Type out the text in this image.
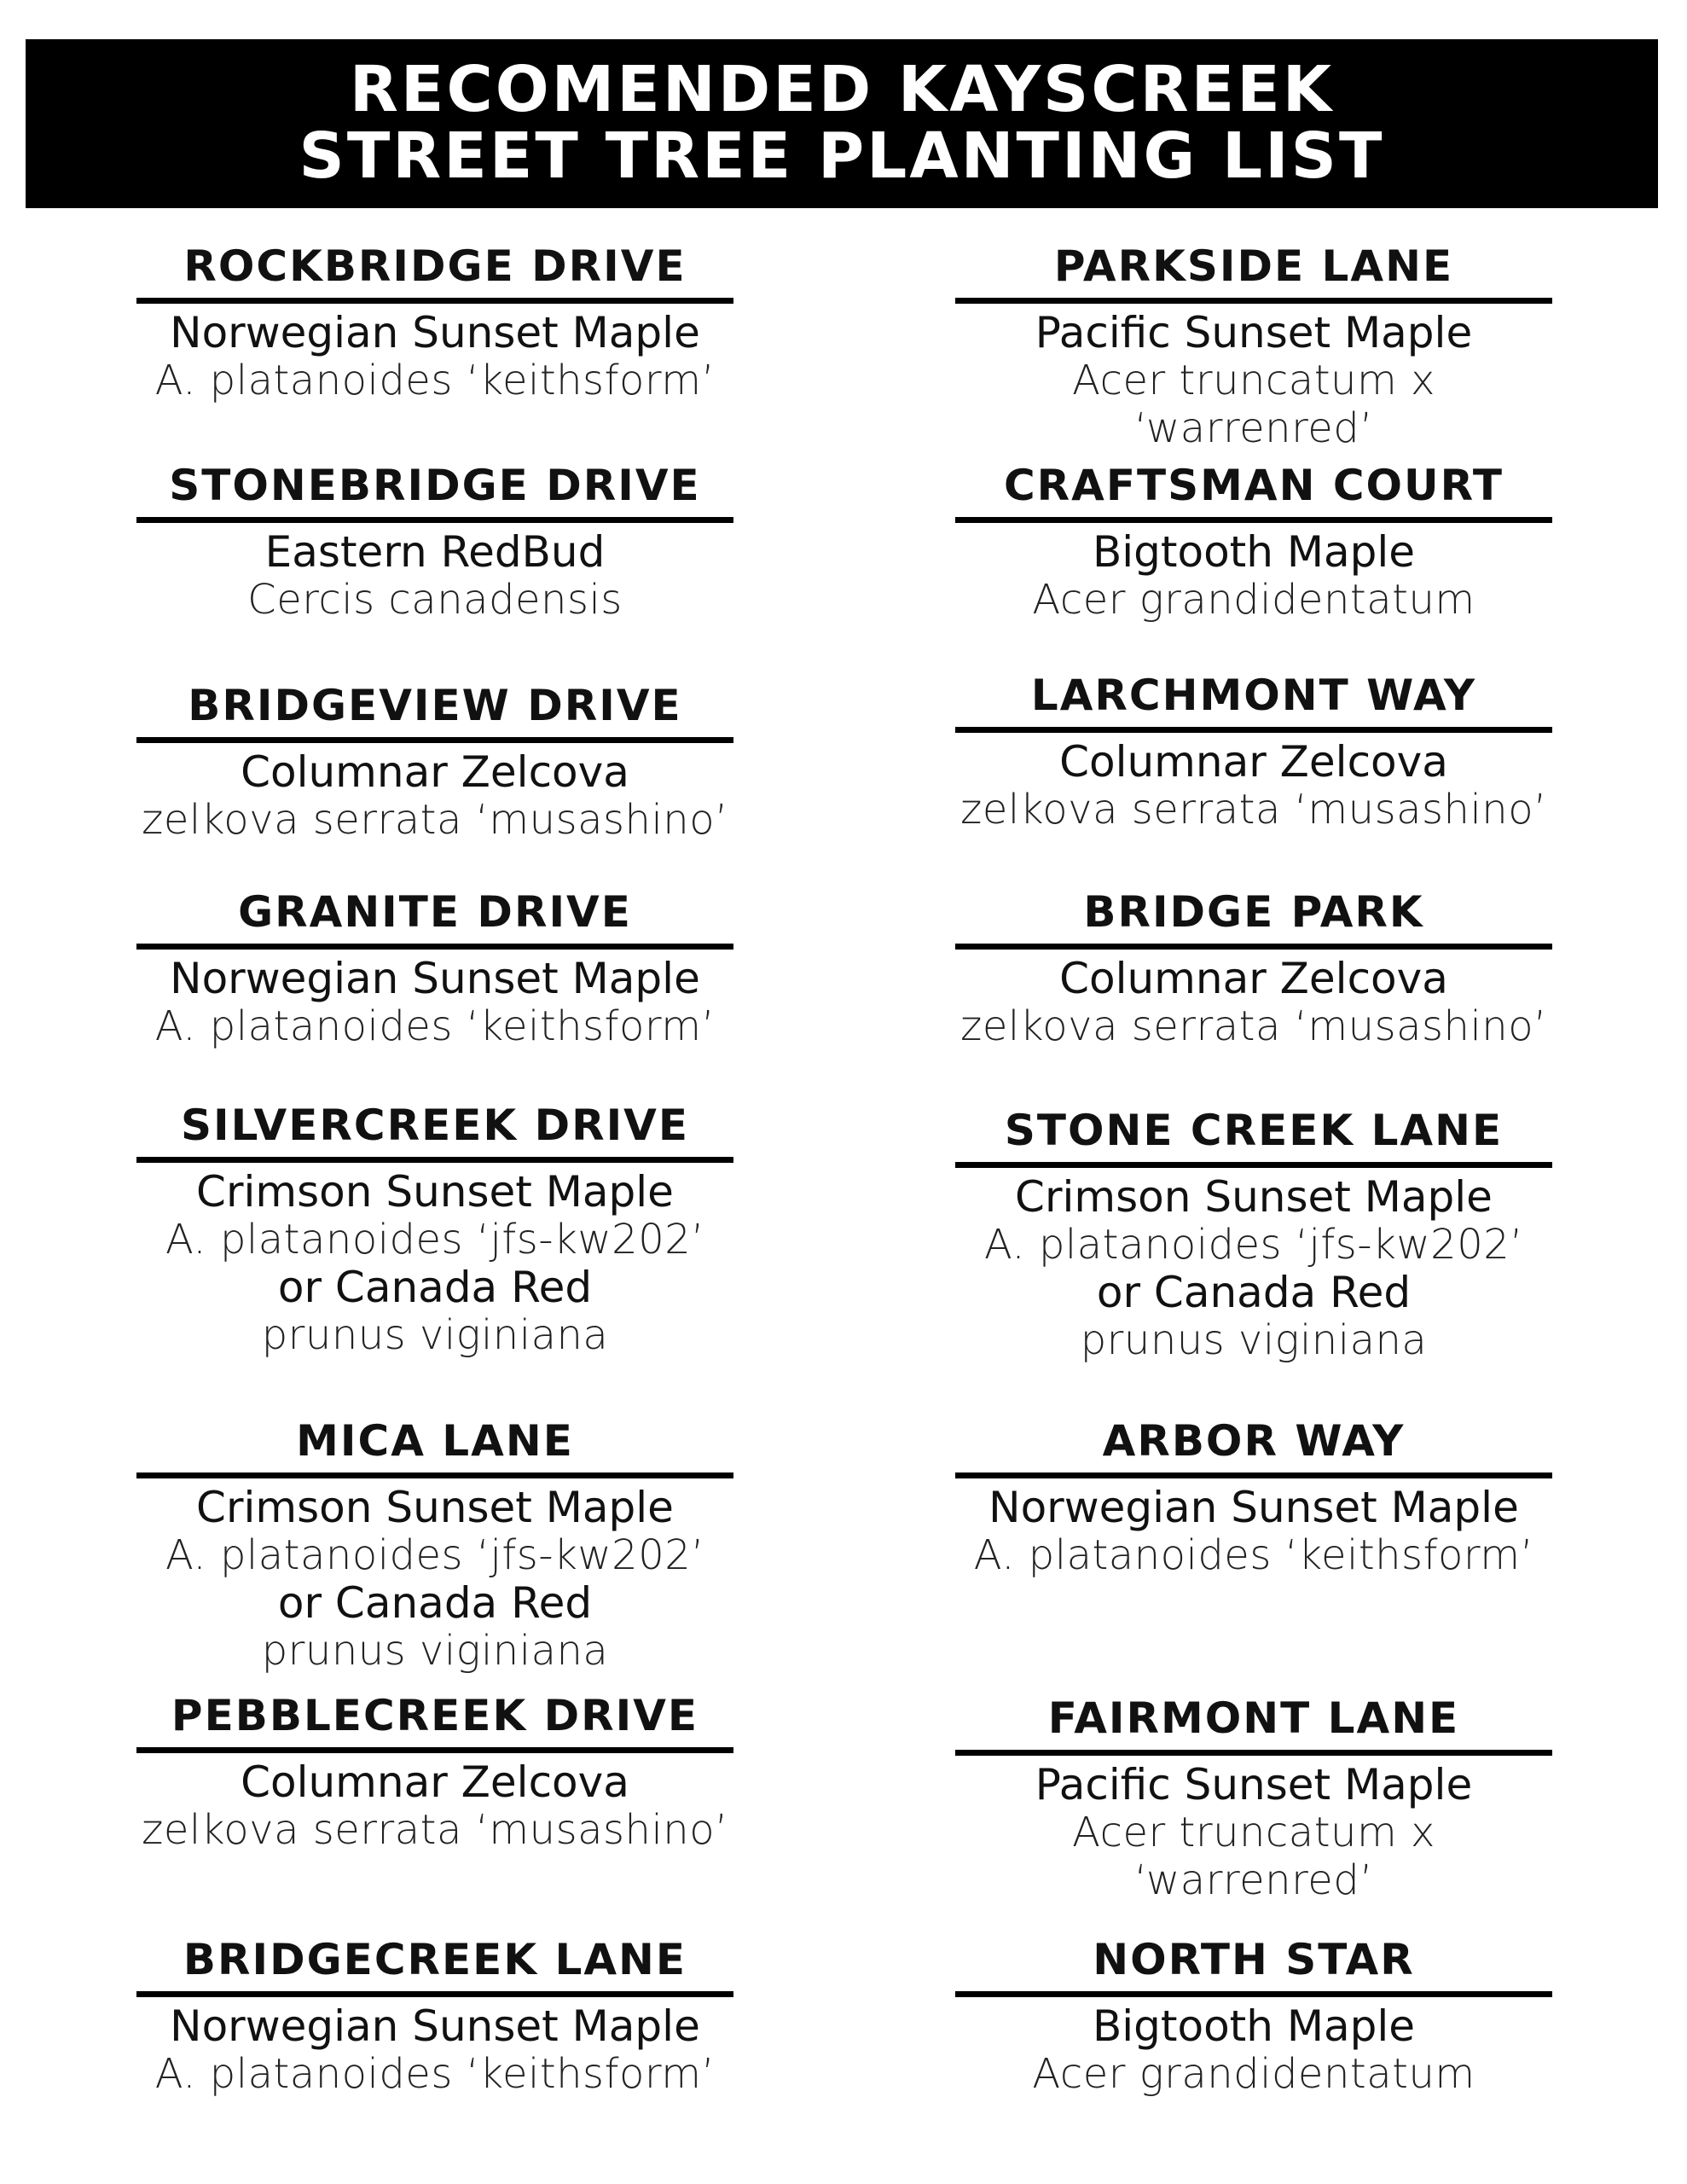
RECOMENDED KAYSCREEK
STREET TREE PLANTING LIST
ROCKBRIDGE DRIVE
Norwegian Sunset Maple
A. platanoides ‘keithsform’
STONEBRIDGE DRIVE
Eastern RedBud
Cercis canadensis
BRIDGEVIEW DRIVE
Columnar Zelcova
zelkova serrata ‘musashino’
GRANITE DRIVE
Norwegian Sunset Maple
A. platanoides ‘keithsform’
SILVERCREEK DRIVE
Crimson Sunset Maple
A. platanoides ‘jfs-kw202’
or Canada Red
prunus viginiana
MICA LANE
Crimson Sunset Maple
A. platanoides ‘jfs-kw202’
or Canada Red
prunus viginiana
PEBBLECREEK DRIVE
Columnar Zelcova
zelkova serrata ‘musashino’
BRIDGECREEK LANE
Norwegian Sunset Maple
A. platanoides ‘keithsform’
PARKSIDE LANE
Pacific Sunset Maple
Acer truncatum x ‘warrenred’
CRAFTSMAN COURT
Bigtooth Maple
Acer grandidentatum
LARCHMONT WAY
Columnar Zelcova
zelkova serrata ‘musashino’
BRIDGE PARK
Columnar Zelcova
zelkova serrata ‘musashino’
STONE CREEK LANE
Crimson Sunset Maple
A. platanoides ‘jfs-kw202’
or Canada Red
prunus viginiana
ARBOR WAY
Norwegian Sunset Maple
A. platanoides ‘keithsform’
FAIRMONT LANE
Pacific Sunset Maple
Acer truncatum x ‘warrenred’
NORTH STAR
Bigtooth Maple
Acer grandidentatum
